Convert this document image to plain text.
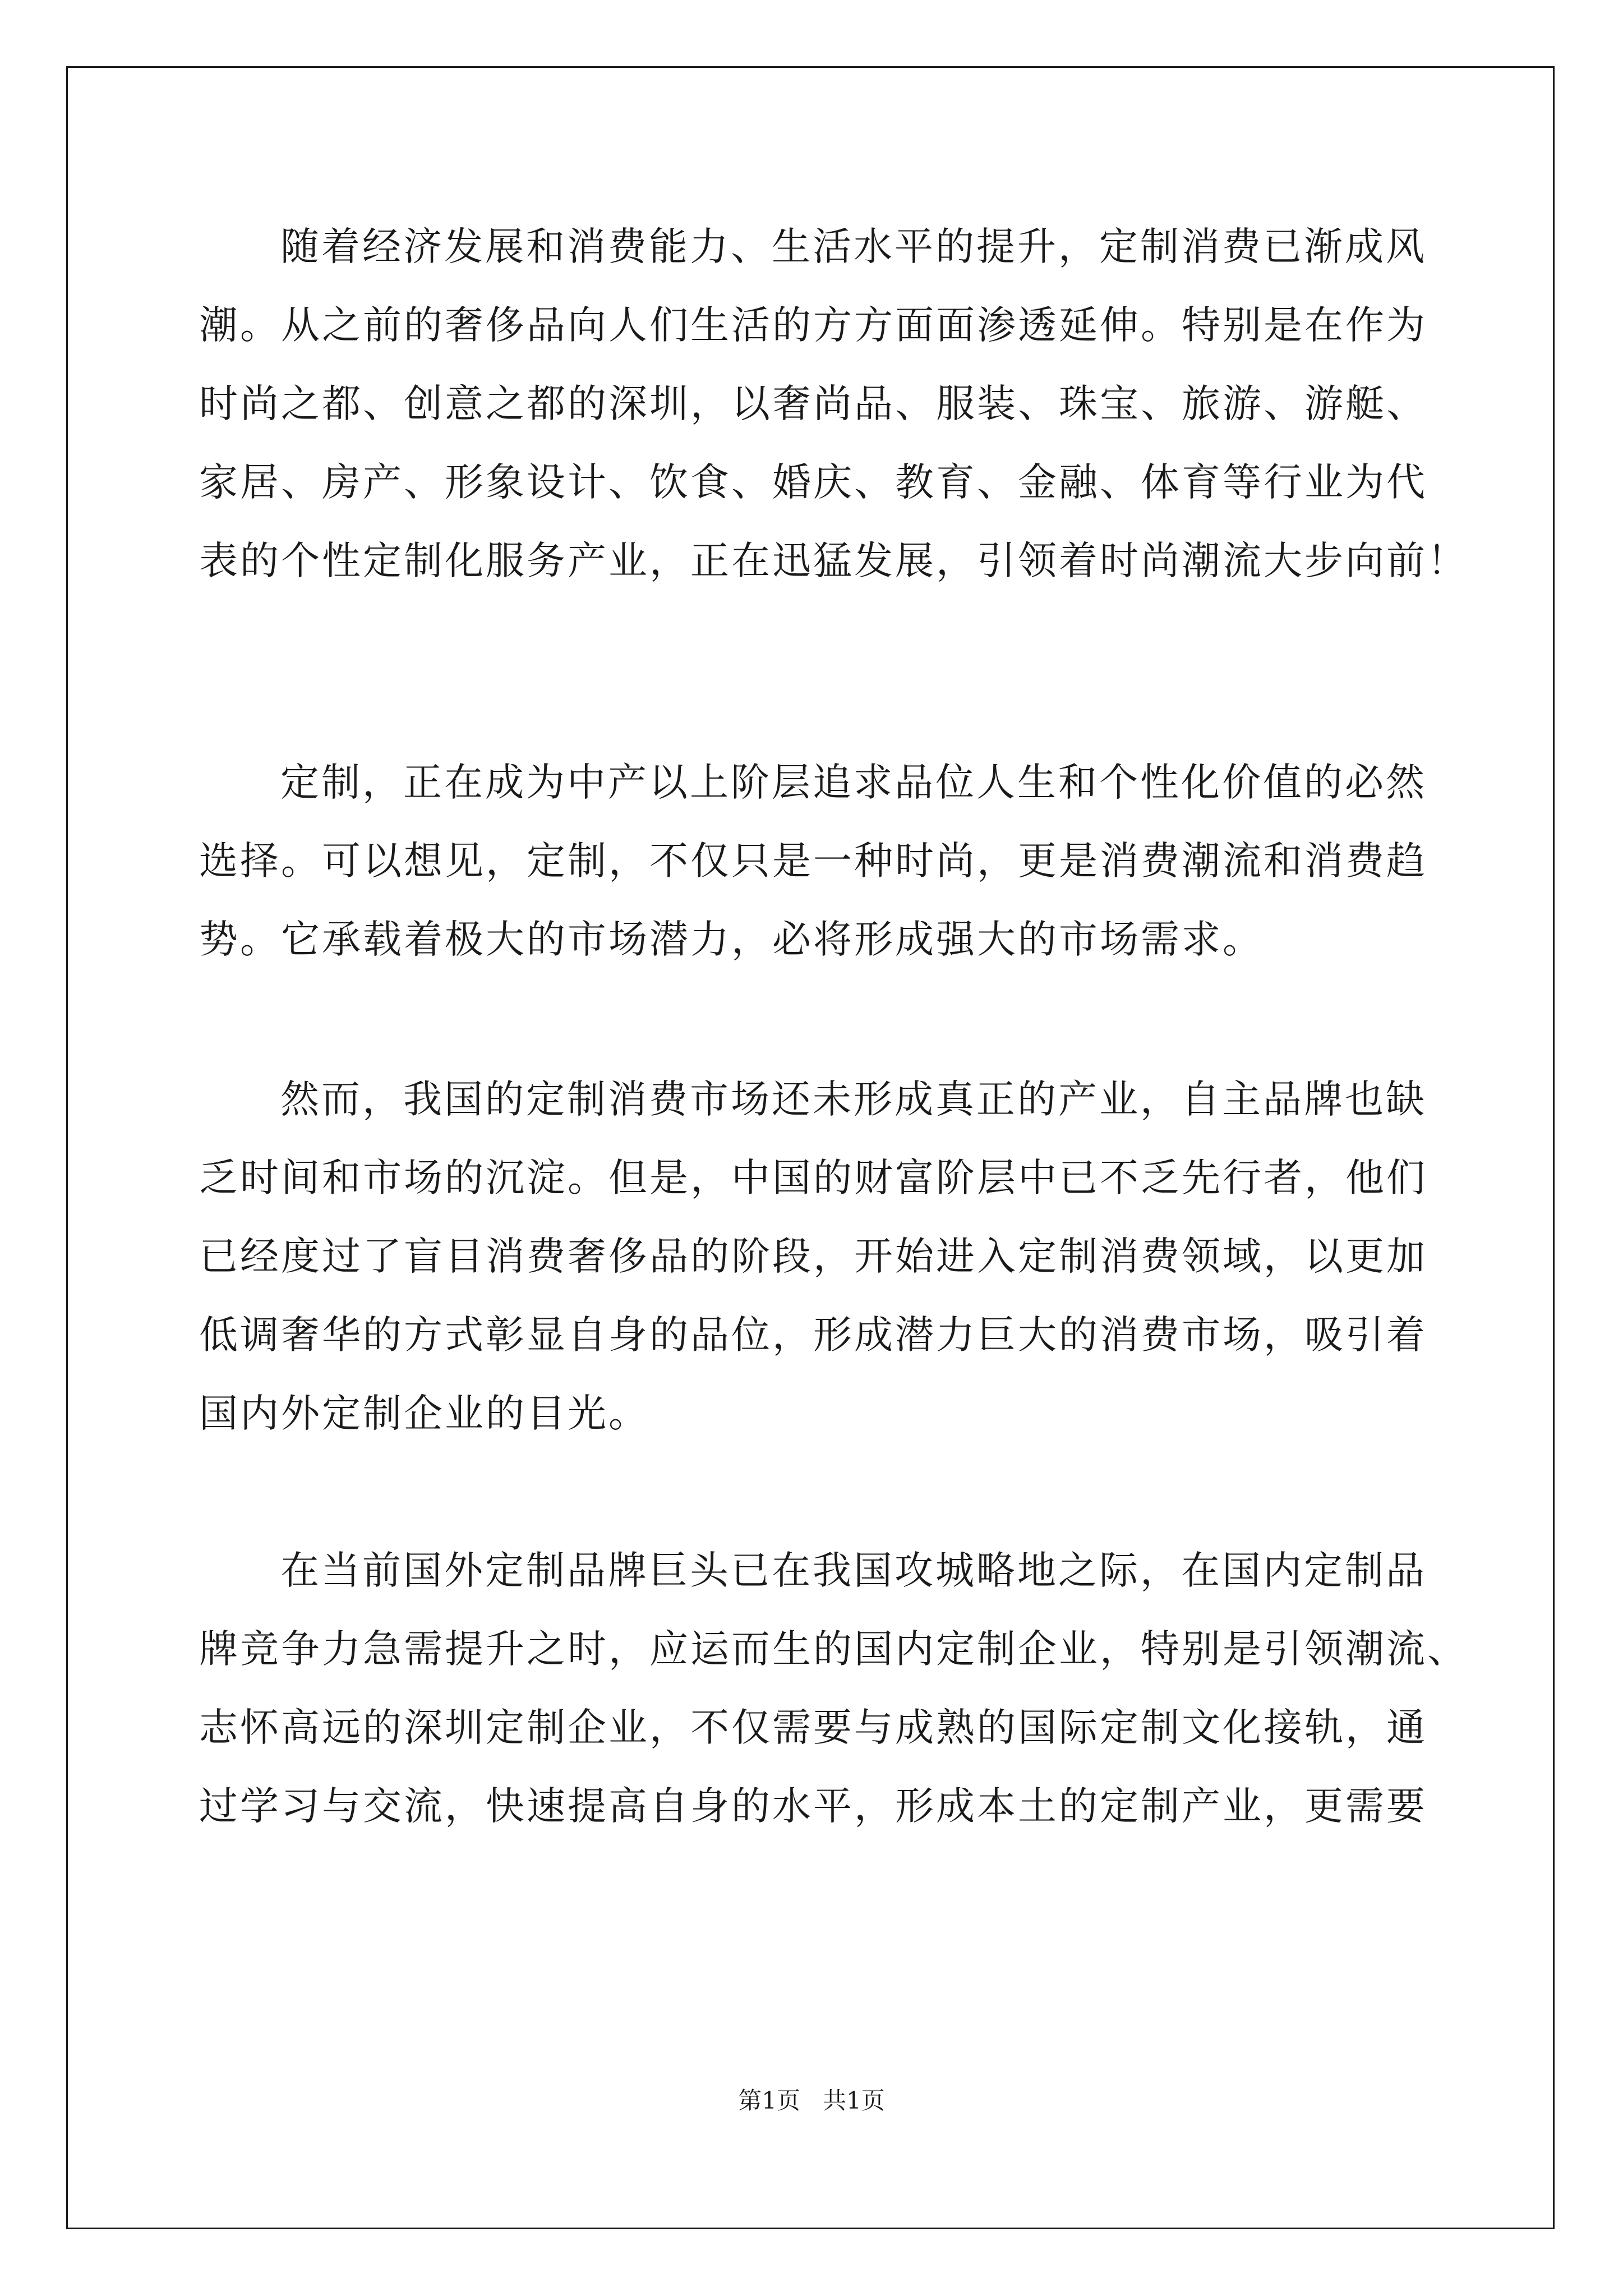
随着经济发展和消费能力、生活水平的提升，定制消费已渐成风
潮。从之前的奢侈品向人们生活的方方面面渗透延伸。特别是在作为
时尚之都、创意之都的深圳，以奢尚品、服装、珠宝、旅游、游艇、
家居、房产、形象设计、饮食、婚庆、教育、金融、体育等行业为代
表的个性定制化服务产业，正在迅猛发展，引领着时尚潮流大步向前！
定制，正在成为中产以上阶层追求品位人生和个性化价值的必然
选择。可以想见，定制，不仅只是一种时尚，更是消费潮流和消费趋
势。它承载着极大的市场潜力，必将形成强大的市场需求。
然而，我国的定制消费市场还未形成真正的产业，自主品牌也缺
乏时间和市场的沉淀。但是，中国的财富阶层中已不乏先行者，他们
已经度过了盲目消费奢侈品的阶段，开始进入定制消费领域，以更加
低调奢华的方式彰显自身的品位，形成潜力巨大的消费市场，吸引着
国内外定制企业的目光。
在当前国外定制品牌巨头已在我国攻城略地之际，在国内定制品
牌竞争力急需提升之时，应运而生的国内定制企业，特别是引领潮流、
志怀高远的深圳定制企业，不仅需要与成熟的国际定制文化接轨，通
过学习与交流，快速提高自身的水平，形成本土的定制产业，更需要
第1页   共1页
